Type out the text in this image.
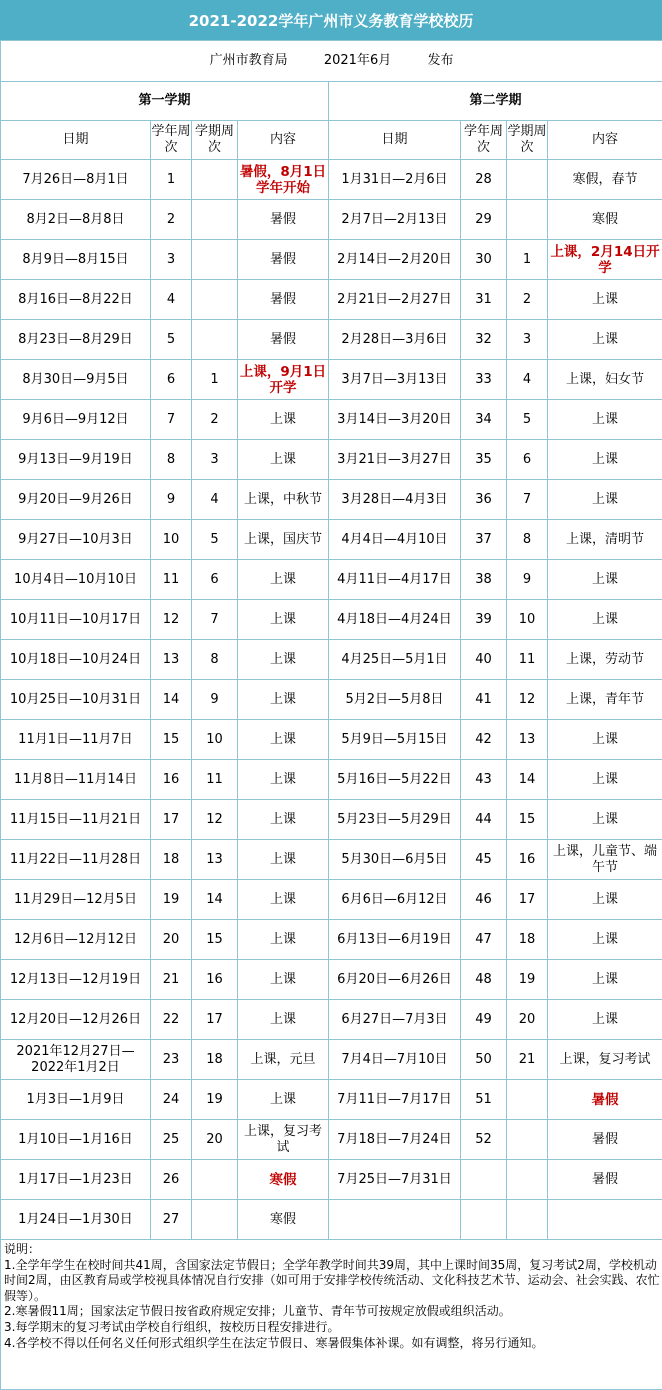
2021-2022学年广州市义务教育学校校历
广州市教育局 2021年6月 发布							
第一学期				第二学期			
日期	学年周次	学期周次	内容	日期	学年周次	学期周次	内容
7月26日—8月1日	1		暑假，8月1日学年开始	1月31日—2月6日	28		寒假，春节
8月2日—8月8日	2		暑假	2月7日—2月13日	29		寒假
8月9日—8月15日	3		暑假	2月14日—2月20日	30	1	上课，2月14日开学
8月16日—8月22日	4		暑假	2月21日—2月27日	31	2	上课
8月23日—8月29日	5		暑假	2月28日—3月6日	32	3	上课
8月30日—9月5日	6	1	上课，9月1日开学	3月7日—3月13日	33	4	上课，妇女节
9月6日—9月12日	7	2	上课	3月14日—3月20日	34	5	上课
9月13日—9月19日	8	3	上课	3月21日—3月27日	35	6	上课
9月20日—9月26日	9	4	上课，中秋节	3月28日—4月3日	36	7	上课
9月27日—10月3日	10	5	上课，国庆节	4月4日—4月10日	37	8	上课，清明节
10月4日—10月10日	11	6	上课	4月11日—4月17日	38	9	上课
10月11日—10月17日	12	7	上课	4月18日—4月24日	39	10	上课
10月18日—10月24日	13	8	上课	4月25日—5月1日	40	11	上课，劳动节
10月25日—10月31日	14	9	上课	5月2日—5月8日	41	12	上课，青年节
11月1日—11月7日	15	10	上课	5月9日—5月15日	42	13	上课
11月8日—11月14日	16	11	上课	5月16日—5月22日	43	14	上课
11月15日—11月21日	17	12	上课	5月23日—5月29日	44	15	上课
11月22日—11月28日	18	13	上课	5月30日—6月5日	45	16	上课，儿童节、端午节
11月29日—12月5日	19	14	上课	6月6日—6月12日	46	17	上课
12月6日—12月12日	20	15	上课	6月13日—6月19日	47	18	上课
12月13日—12月19日	21	16	上课	6月20日—6月26日	48	19	上课
12月20日—12月26日	22	17	上课	6月27日—7月3日	49	20	上课
2021年12月27日—2022年1月2日	23	18	上课，元旦	7月4日—7月10日	50	21	上课，复习考试
1月3日—1月9日	24	19	上课	7月11日—7月17日	51		暑假
1月10日—1月16日	25	20	上课，复习考试	7月18日—7月24日	52		暑假
1月17日—1月23日	26		寒假	7月25日—7月31日			暑假
1月24日—1月30日	27		寒假				
说明：
1.全学年学生在校时间共41周，含国家法定节假日；全学年教学时间共39周，其中上课时间35周，复习考试2周，学校机动时间2周，由区教育局或学校视具体情况自行安排（如可用于安排学校传统活动、文化科技艺术节、运动会、社会实践、农忙假等）。
2.寒暑假11周；国家法定节假日按省政府规定安排；儿童节、青年节可按规定放假或组织活动。
3.每学期末的复习考试由学校自行组织，按校历日程安排进行。
4.各学校不得以任何名义任何形式组织学生在法定节假日、寒暑假集体补课。如有调整，将另行通知。
